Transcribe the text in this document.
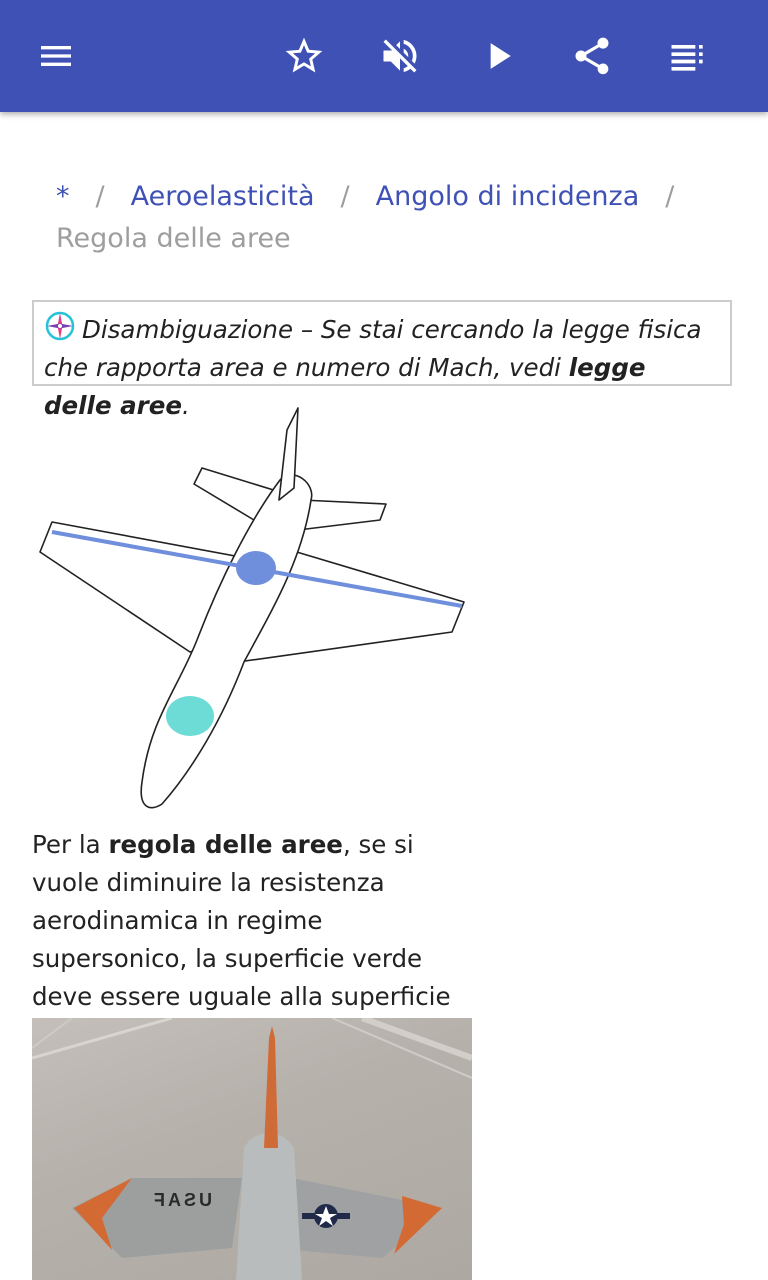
* / Aeroelasticità / Angolo di incidenza /
Regola delle aree
Disambiguazione – Se stai cercando la legge fisica che rapporta area e numero di Mach, vedi legge delle aree.
Per la regola delle aree, se si vuole diminuire la resistenza aerodinamica in regime supersonico, la superficie verde deve essere uguale alla superficie
USAF
